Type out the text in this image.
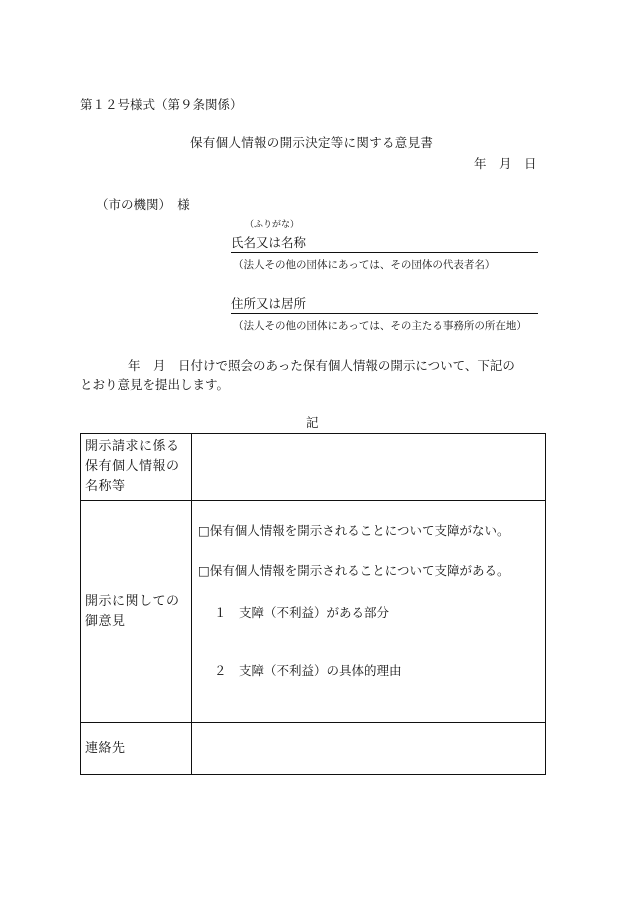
第１２号様式（第９条関係）
保有個人情報の開示決定等に関する意見書
年　月　日
（市の機関）　様
（ふりがな）
氏名又は名称
（法人その他の団体にあっては、その団体の代表者名）
住所又は居所
（法人その他の団体にあっては、その主たる事務所の所在地）
年　月　日付けで照会のあった保有個人情報の開示について、下記の
とおり意見を提出します。
記
開示請求に係る保有個人情報の名称等	

開示に関しての御意見	□保有個人情報を開示されることについて支障がない。
□保有個人情報を開示されることについて支障がある。
１　支障（不利益）がある部分
２　支障（不利益）の具体的理由

連絡先	
